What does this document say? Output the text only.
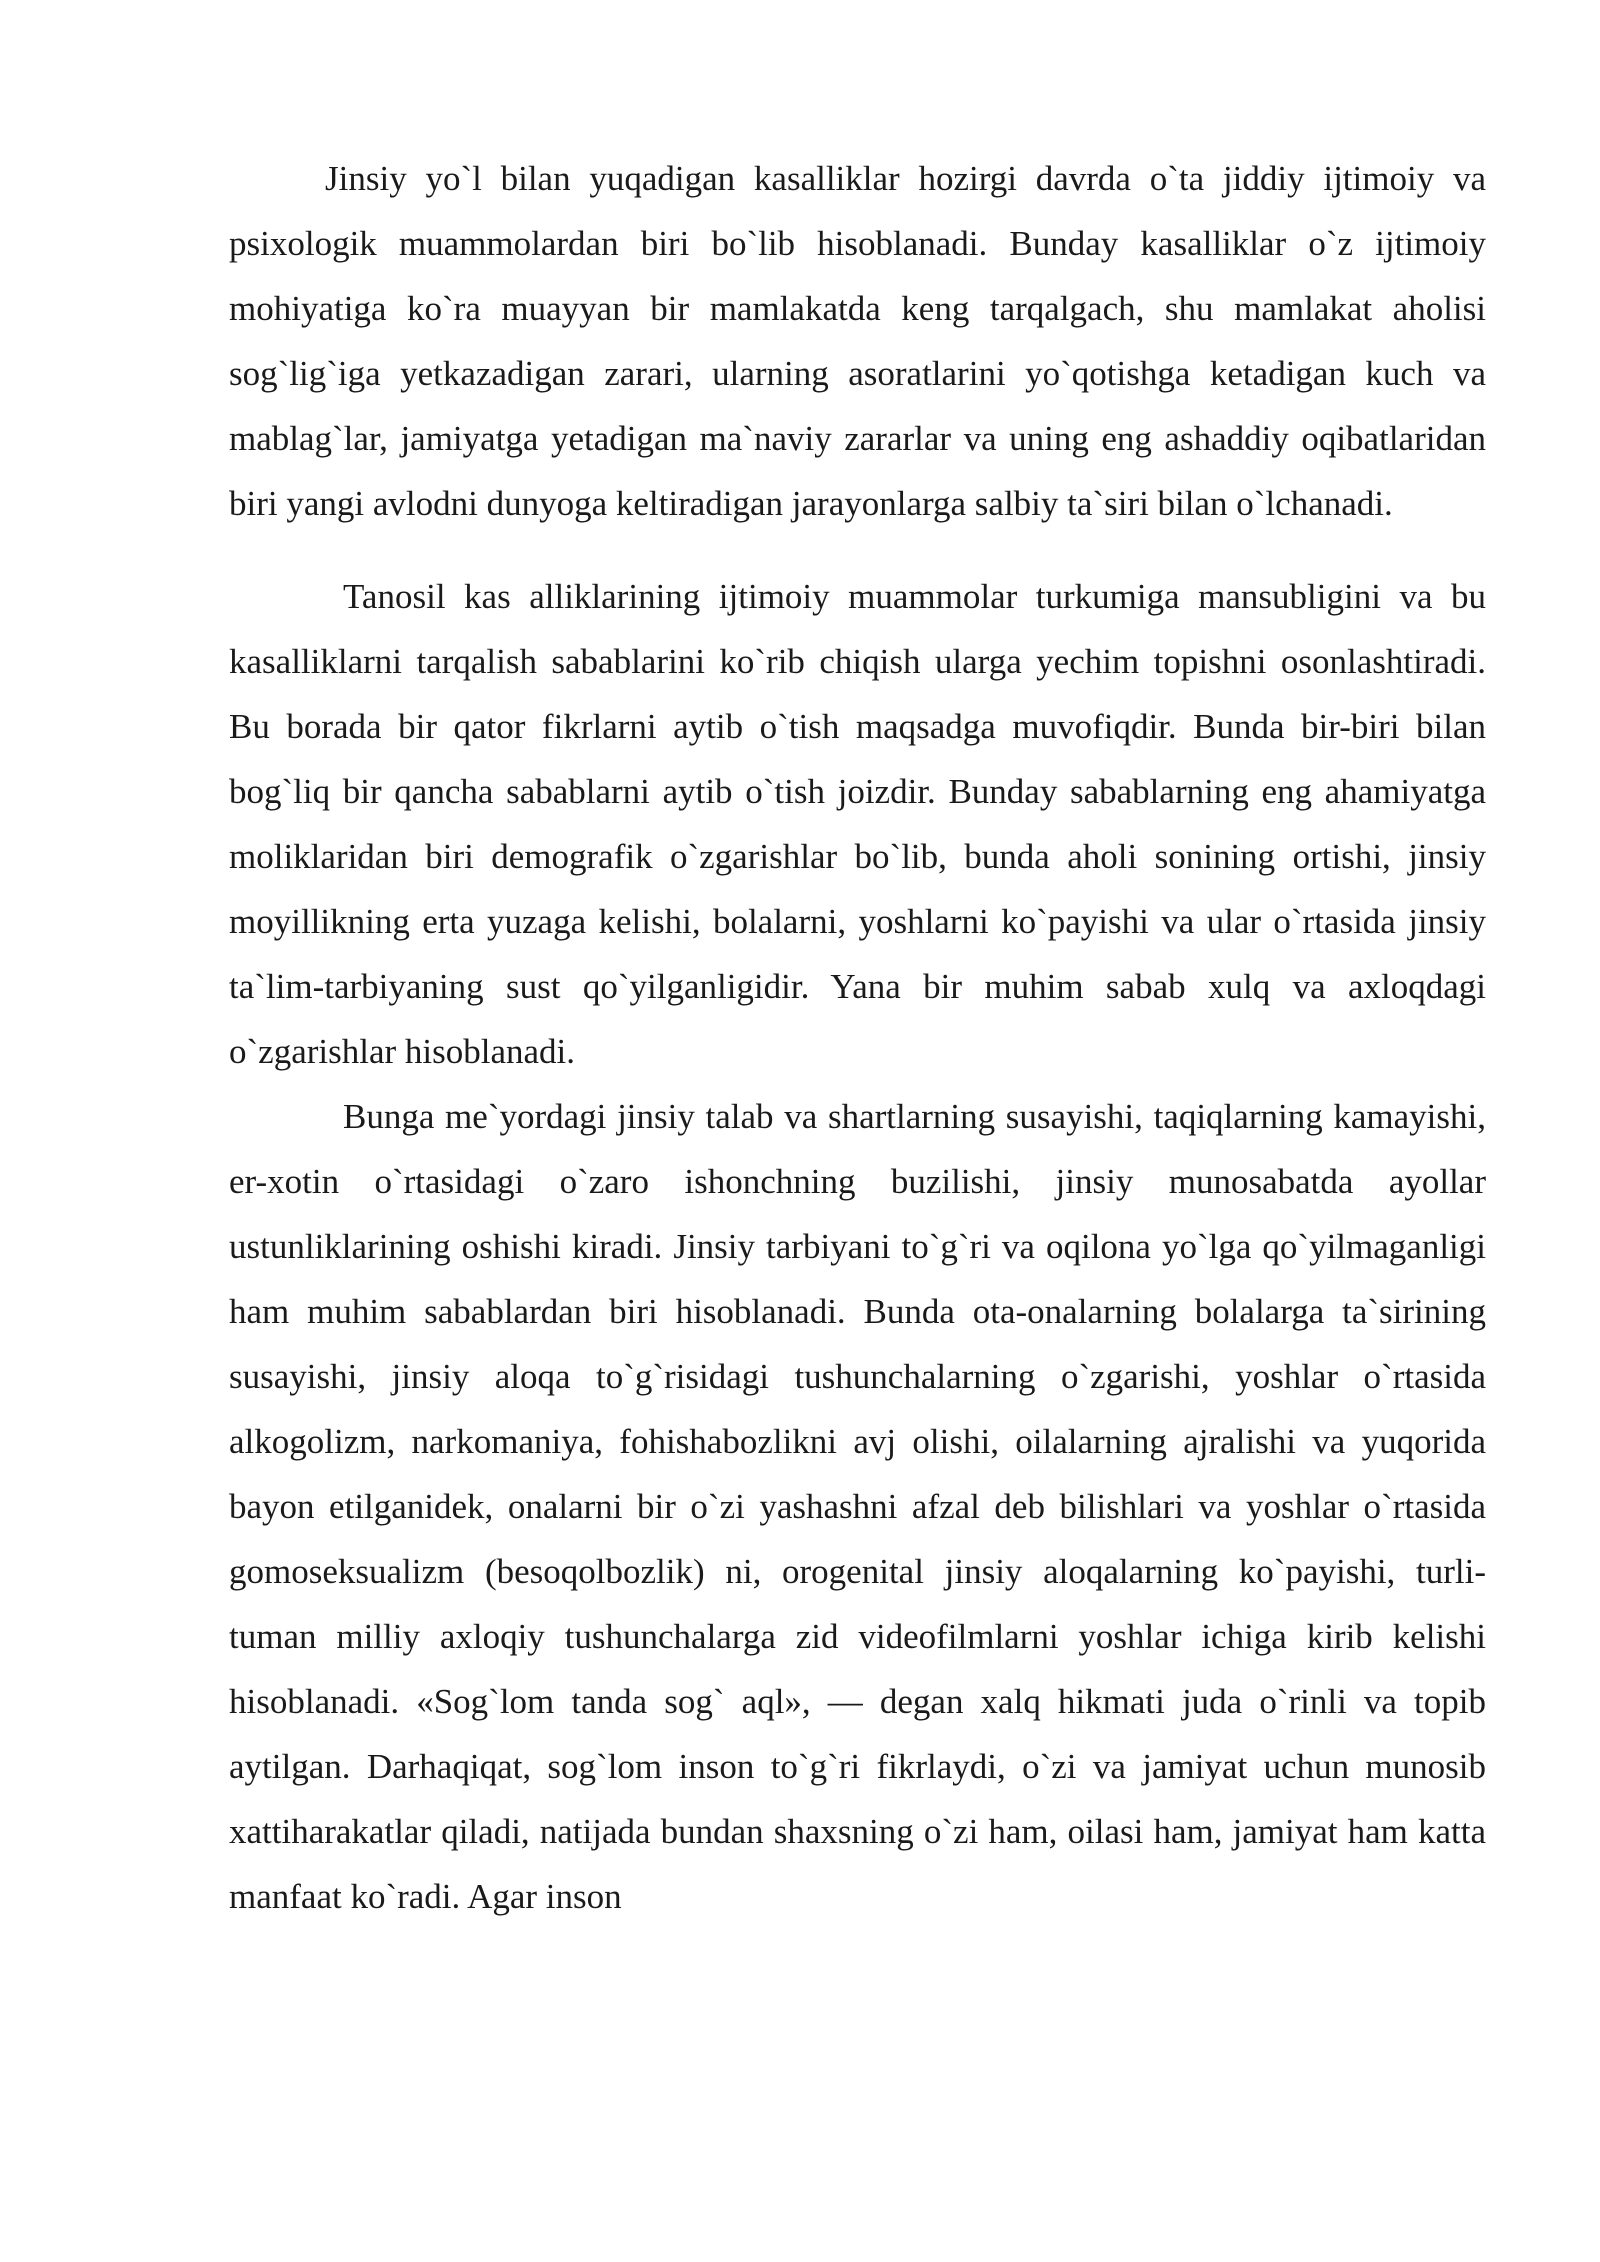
Jinsiy yo`l bilan yuqadigan kasalliklar hozirgi davrda o`ta jiddiy ijtimoiy va psixologik muammolardan biri bo`lib hisoblanadi. Bunday kasalliklar o`z ijtimoiy mohiyatiga ko`ra muayyan bir mamlakatda keng tarqalgach, shu mamlakat aholisi sog`lig`iga yetkazadigan zarari, ularning asoratlarini yo`qotishga ketadigan kuch va mablag`lar, jamiyatga yetadigan ma`naviy zararlar va uning eng ashaddiy oqibatlaridan biri yangi avlodni dunyoga keltiradigan jarayonlarga salbiy ta`siri bilan o`lchanadi.

Tanosil kas alliklarining ijtimoiy muammolar turkumiga mansubligini va bu kasalliklarni tarqalish sabablarini ko`rib chiqish ularga yechim topishni osonlashtiradi. Bu borada bir qator fikrlarni aytib o`tish maqsadga muvofiqdir. Bunda bir-biri bilan bog`liq bir qancha sabablarni aytib o`tish joizdir. Bunday sabablarning eng ahamiyatga moliklaridan biri demografik o`zgarishlar bo`lib, bunda aholi sonining ortishi, jinsiy moyillikning erta yuzaga kelishi, bolalarni, yoshlarni ko`payishi va ular o`rtasida jinsiy ta`lim-tarbiyaning sust qo`yilganligidir. Yana bir muhim sabab xulq va axloqdagi o`zgarishlar hisoblanadi.

Bunga me`yordagi jinsiy talab va shartlarning susayishi, taqiqlarning kamayishi, er-xotin o`rtasidagi o`zaro ishonchning buzilishi, jinsiy munosabatda ayollar ustunliklarining oshishi kiradi. Jinsiy tarbiyani to`g`ri va oqilona yo`lga qo`yilmaganligi ham muhim sabablardan biri hisoblanadi. Bunda ota-onalarning bolalarga ta`sirining susayishi, jinsiy aloqa to`g`risidagi tushunchalarning o`zgarishi, yoshlar o`rtasida alkogolizm, narkomaniya, fohishabozlikni avj olishi, oilalarning ajralishi va yuqorida bayon etilganidek, onalarni bir o`zi yashashni afzal deb bilishlari va yoshlar o`rtasida gomoseksualizm (besoqolbozlik) ni, orogenital jinsiy aloqalarning ko`payishi, turli-tuman milliy axloqiy tushunchalarga zid videofilmlarni yoshlar ichiga kirib kelishi hisoblanadi. «Sog`lom tanda sog` aql», — degan xalq hikmati juda o`rinli va topib aytilgan. Darhaqiqat, sog`lom inson to`g`ri fikrlaydi, o`zi va jamiyat uchun munosib xattiharakatlar qiladi, natijada bundan shaxsning o`zi ham, oilasi ham, jamiyat ham katta manfaat ko`radi. Agar inson
